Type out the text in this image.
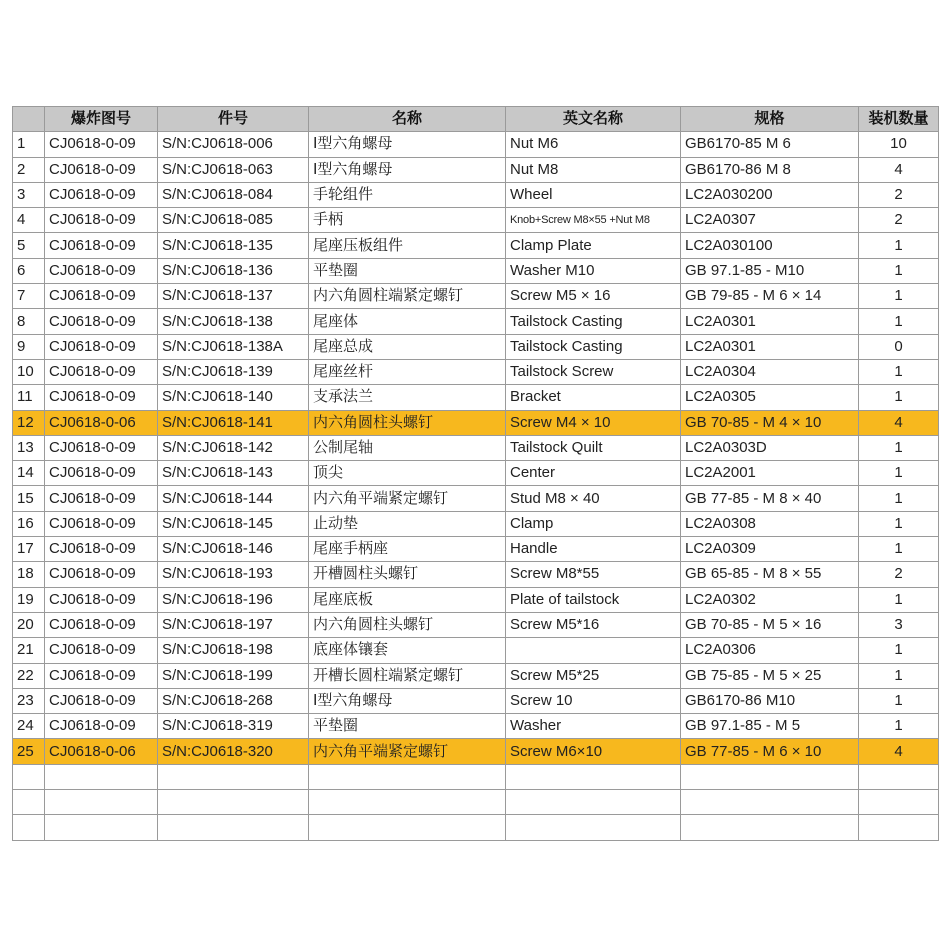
	爆炸图号	件号	名称	英文名称	规格	装机数量
1	CJ0618-0-09	S/N:CJ0618-006	Ⅰ型六角螺母	Nut M6	GB6170-85 M 6	10
2	CJ0618-0-09	S/N:CJ0618-063	Ⅰ型六角螺母	Nut M8	GB6170-86 M 8	4
3	CJ0618-0-09	S/N:CJ0618-084	手轮组件	Wheel	LC2A030200	2
4	CJ0618-0-09	S/N:CJ0618-085	手柄	Knob+Screw M8×55 +Nut M8	LC2A0307	2
5	CJ0618-0-09	S/N:CJ0618-135	尾座压板组件	Clamp Plate	LC2A030100	1
6	CJ0618-0-09	S/N:CJ0618-136	平垫圈	Washer M10	GB 97.1-85 - M10	1
7	CJ0618-0-09	S/N:CJ0618-137	内六角圆柱端紧定螺钉	Screw M5 × 16	GB 79-85 - M 6 × 14	1
8	CJ0618-0-09	S/N:CJ0618-138	尾座体	Tailstock Casting	LC2A0301	1
9	CJ0618-0-09	S/N:CJ0618-138A	尾座总成	Tailstock Casting	LC2A0301	0
10	CJ0618-0-09	S/N:CJ0618-139	尾座丝杆	Tailstock Screw	LC2A0304	1
11	CJ0618-0-09	S/N:CJ0618-140	支承法兰	Bracket	LC2A0305	1
12	CJ0618-0-06	S/N:CJ0618-141	内六角圆柱头螺钉	Screw M4 × 10	GB 70-85 - M 4 × 10	4
13	CJ0618-0-09	S/N:CJ0618-142	公制尾轴	Tailstock Quilt	LC2A0303D	1
14	CJ0618-0-09	S/N:CJ0618-143	顶尖	Center	LC2A2001	1
15	CJ0618-0-09	S/N:CJ0618-144	内六角平端紧定螺钉	Stud M8 × 40	GB 77-85 - M 8 × 40	1
16	CJ0618-0-09	S/N:CJ0618-145	止动垫	Clamp	LC2A0308	1
17	CJ0618-0-09	S/N:CJ0618-146	尾座手柄座	Handle	LC2A0309	1
18	CJ0618-0-09	S/N:CJ0618-193	开槽圆柱头螺钉	Screw M8*55	GB 65-85 - M 8 × 55	2
19	CJ0618-0-09	S/N:CJ0618-196	尾座底板	Plate of tailstock	LC2A0302	1
20	CJ0618-0-09	S/N:CJ0618-197	内六角圆柱头螺钉	Screw M5*16	GB 70-85 - M 5 × 16	3
21	CJ0618-0-09	S/N:CJ0618-198	底座体镶套		LC2A0306	1
22	CJ0618-0-09	S/N:CJ0618-199	开槽长圆柱端紧定螺钉	Screw M5*25	GB 75-85 - M 5 × 25	1
23	CJ0618-0-09	S/N:CJ0618-268	Ⅰ型六角螺母	Screw 10	GB6170-86 M10	1
24	CJ0618-0-09	S/N:CJ0618-319	平垫圈	Washer	GB 97.1-85 - M 5	1
25	CJ0618-0-06	S/N:CJ0618-320	内六角平端紧定螺钉	Screw M6×10	GB 77-85 - M 6 × 10	4
